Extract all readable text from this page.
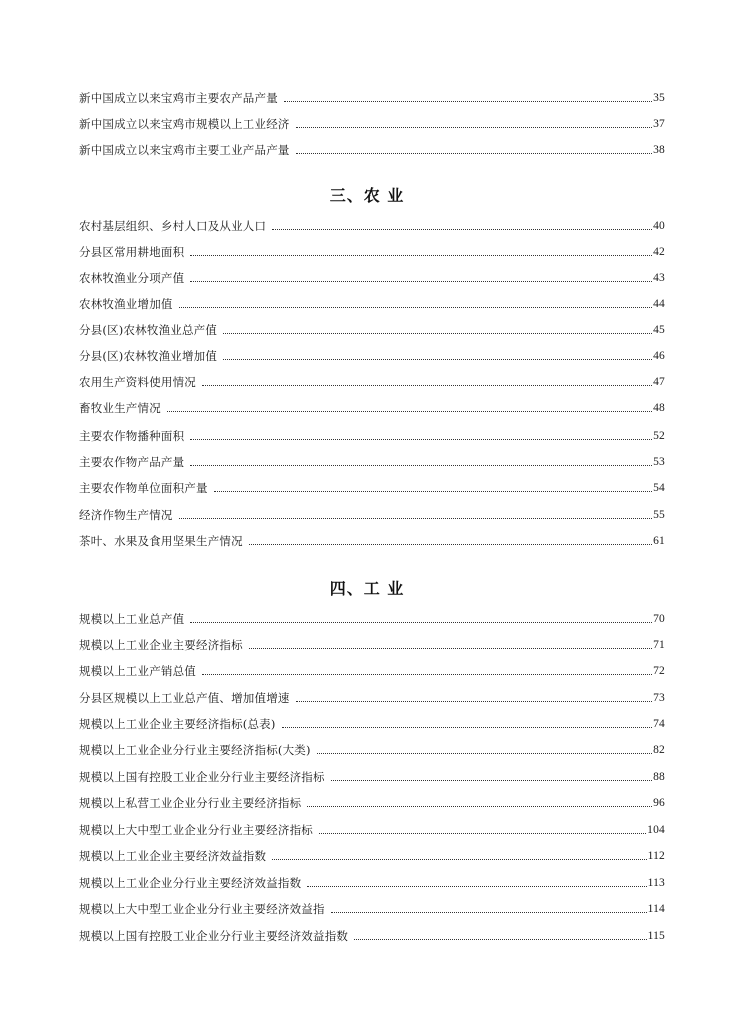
新中国成立以来宝鸡市主要农产品产量	35
新中国成立以来宝鸡市规模以上工业经济	37
新中国成立以来宝鸡市主要工业产品产量	38
三、农 业
农村基层组织、乡村人口及从业人口	40
分县区常用耕地面积	42
农林牧渔业分项产值	43
农林牧渔业增加值	44
分县(区)农林牧渔业总产值	45
分县(区)农林牧渔业增加值	46
农用生产资料使用情况	47
畜牧业生产情况	48
主要农作物播种面积	52
主要农作物产品产量	53
主要农作物单位面积产量	54
经济作物生产情况	55
茶叶、水果及食用坚果生产情况	61
四、工 业
规模以上工业总产值	70
规模以上工业企业主要经济指标	71
规模以上工业产销总值	72
分县区规模以上工业总产值、增加值增速	73
规模以上工业企业主要经济指标(总表)	74
规模以上工业企业分行业主要经济指标(大类)	82
规模以上国有控股工业企业分行业主要经济指标	88
规模以上私营工业企业分行业主要经济指标	96
规模以上大中型工业企业分行业主要经济指标	104
规模以上工业企业主要经济效益指数	112
规模以上工业企业分行业主要经济效益指数	113
规模以上大中型工业企业分行业主要经济效益指	114
规模以上国有控股工业企业分行业主要经济效益指数	115
